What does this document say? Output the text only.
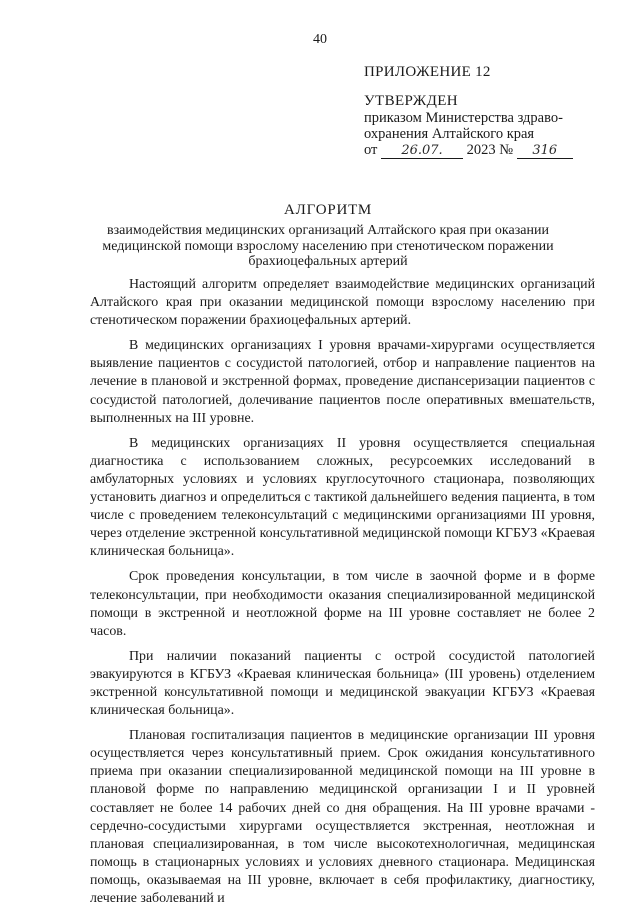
40
ПРИЛОЖЕНИЕ 12
УТВЕРЖДЕН
приказом Министерства здраво-
охранения Алтайского края
от 26.07. 2023 № 316
АЛГОРИТМ
взаимодействия медицинских организаций Алтайского края при оказании медицинской помощи взрослому населению при стенотическом поражении брахиоцефальных артерий

Настоящий алгоритм определяет взаимодействие медицинских организаций Алтайского края при оказании медицинской помощи взрослому населению при стенотическом поражении брахиоцефальных артерий.

В медицинских организациях I уровня врачами-хирургами осуществляется выявление пациентов с сосудистой патологией, отбор и направление пациентов на лечение в плановой и экстренной формах, проведение диспансеризации пациентов с сосудистой патологией, долечивание пациентов после оперативных вмешательств, выполненных на III уровне.

В медицинских организациях II уровня осуществляется специальная диагностика с использованием сложных, ресурсоемких исследований в амбулаторных условиях и условиях круглосуточного стационара, позволяющих установить диагноз и определиться с тактикой дальнейшего ведения пациента, в том числе с проведением телеконсультаций с медицинскими организациями III уровня, через отделение экстренной консультативной медицинской помощи КГБУЗ «Краевая клиническая больница».

Срок проведения консультации, в том числе в заочной форме и в форме телеконсультации, при необходимости оказания специализированной медицинской помощи в экстренной и неотложной форме на III уровне составляет не более 2 часов.

При наличии показаний пациенты с острой сосудистой патологией эвакуируются в КГБУЗ «Краевая клиническая больница» (III уровень) отделением экстренной консультативной помощи и медицинской эвакуации КГБУЗ «Краевая клиническая больница».

Плановая госпитализация пациентов в медицинские организации III уровня осуществляется через консультативный прием. Срок ожидания консультативного приема при оказании специализированной медицинской помощи на III уровне в плановой форме по направлению медицинской организации I и II уровней составляет не более 14 рабочих дней со дня обращения. На III уровне врачами - сердечно-сосудистыми хирургами осуществляется экстренная, неотложная и плановая специализированная, в том числе высокотехнологичная, медицинская помощь в стационарных условиях и условиях дневного стационара. Медицинская помощь, оказываемая на III уровне, включает в себя профилактику, диагностику, лечение заболеваний и
